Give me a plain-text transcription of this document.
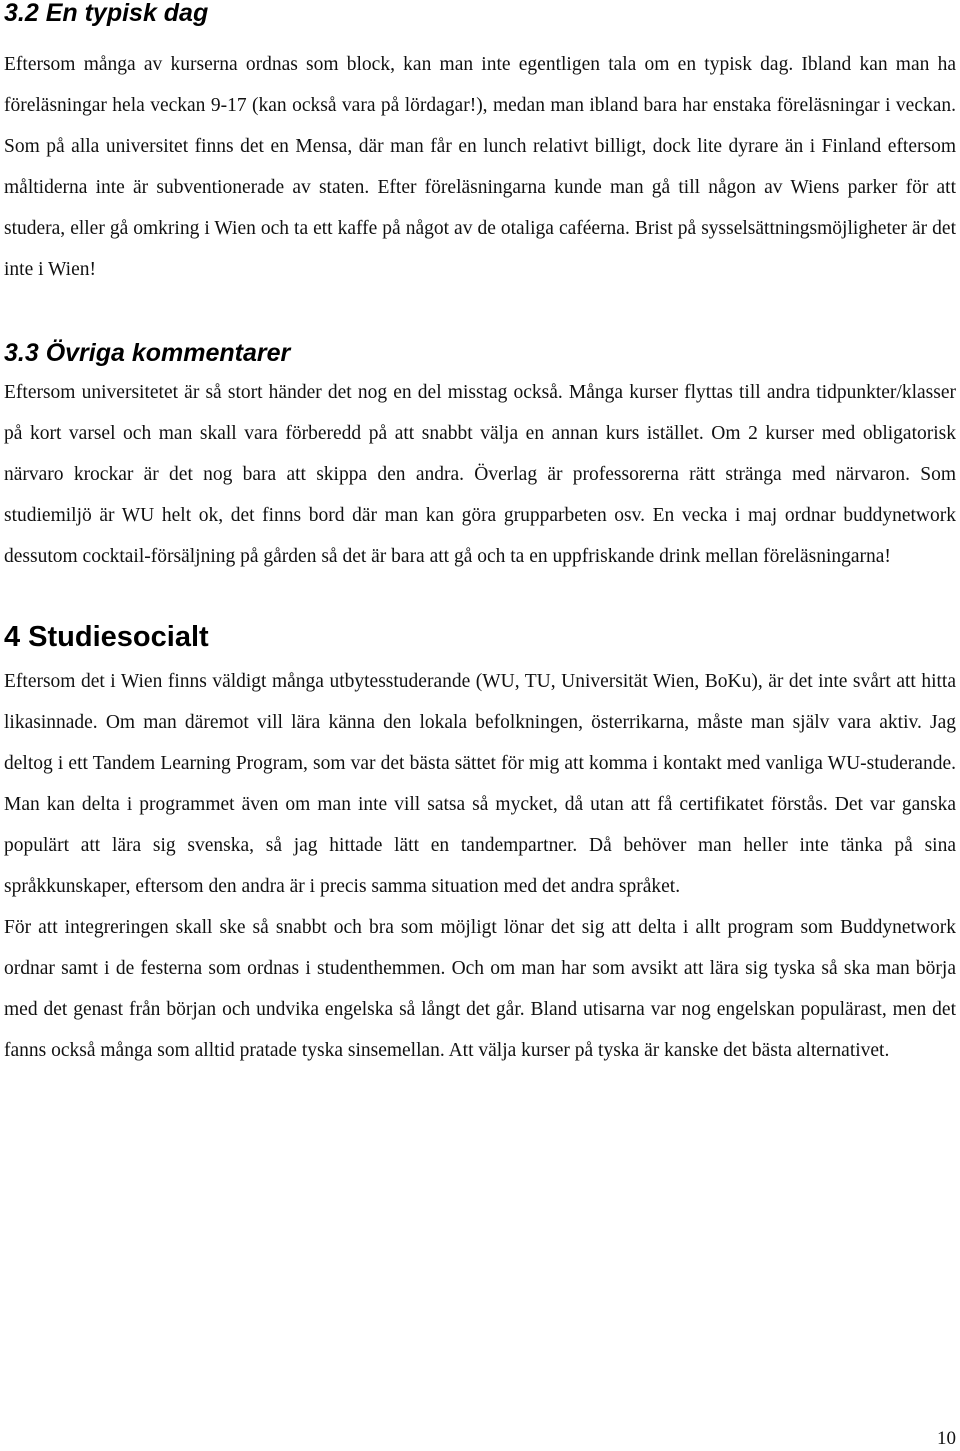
3.2 En typisk dag

Eftersom många av kurserna ordnas som block, kan man inte egentligen tala om en typisk dag. Ibland kan man ha föreläsningar hela veckan 9-17 (kan också vara på lördagar!), medan man ibland bara har enstaka föreläsningar i veckan. Som på alla universitet finns det en Mensa, där man får en lunch relativt billigt, dock lite dyrare än i Finland eftersom måltiderna inte är subventionerade av staten. Efter föreläsningarna kunde man gå till någon av Wiens parker för att studera, eller gå omkring i Wien och ta ett kaffe på något av de otaliga caféerna. Brist på sysselsättningsmöjligheter är det inte i Wien!

3.3 Övriga kommentarer

Eftersom universitetet är så stort händer det nog en del misstag också. Många kurser flyttas till andra tidpunkter/klasser på kort varsel och man skall vara förberedd på att snabbt välja en annan kurs istället. Om 2 kurser med obligatorisk närvaro krockar är det nog bara att skippa den andra. Överlag är professorerna rätt stränga med närvaron. Som studiemiljö är WU helt ok, det finns bord där man kan göra grupparbeten osv. En vecka i maj ordnar buddynetwork dessutom cocktail-försäljning på gården så det är bara att gå och ta en uppfriskande drink mellan föreläsningarna!

4 Studiesocialt

Eftersom det i Wien finns väldigt många utbytesstuderande (WU, TU, Universität Wien, BoKu), är det inte svårt att hitta likasinnade. Om man däremot vill lära känna den lokala befolkningen, österrikarna, måste man själv vara aktiv. Jag deltog i ett Tandem Learning Program, som var det bästa sättet för mig att komma i kontakt med vanliga WU-studerande. Man kan delta i programmet även om man inte vill satsa så mycket, då utan att få certifikatet förstås. Det var ganska populärt att lära sig svenska, så jag hittade lätt en tandempartner. Då behöver man heller inte tänka på sina språkkunskaper, eftersom den andra är i precis samma situation med det andra språket.

För att integreringen skall ske så snabbt och bra som möjligt lönar det sig att delta i allt program som Buddynetwork ordnar samt i de festerna som ordnas i studenthemmen. Och om man har som avsikt att lära sig tyska så ska man börja med det genast från början och undvika engelska så långt det går. Bland utisarna var nog engelskan populärast, men det fanns också många som alltid pratade tyska sinsemellan. Att välja kurser på tyska är kanske det bästa alternativet.

10
